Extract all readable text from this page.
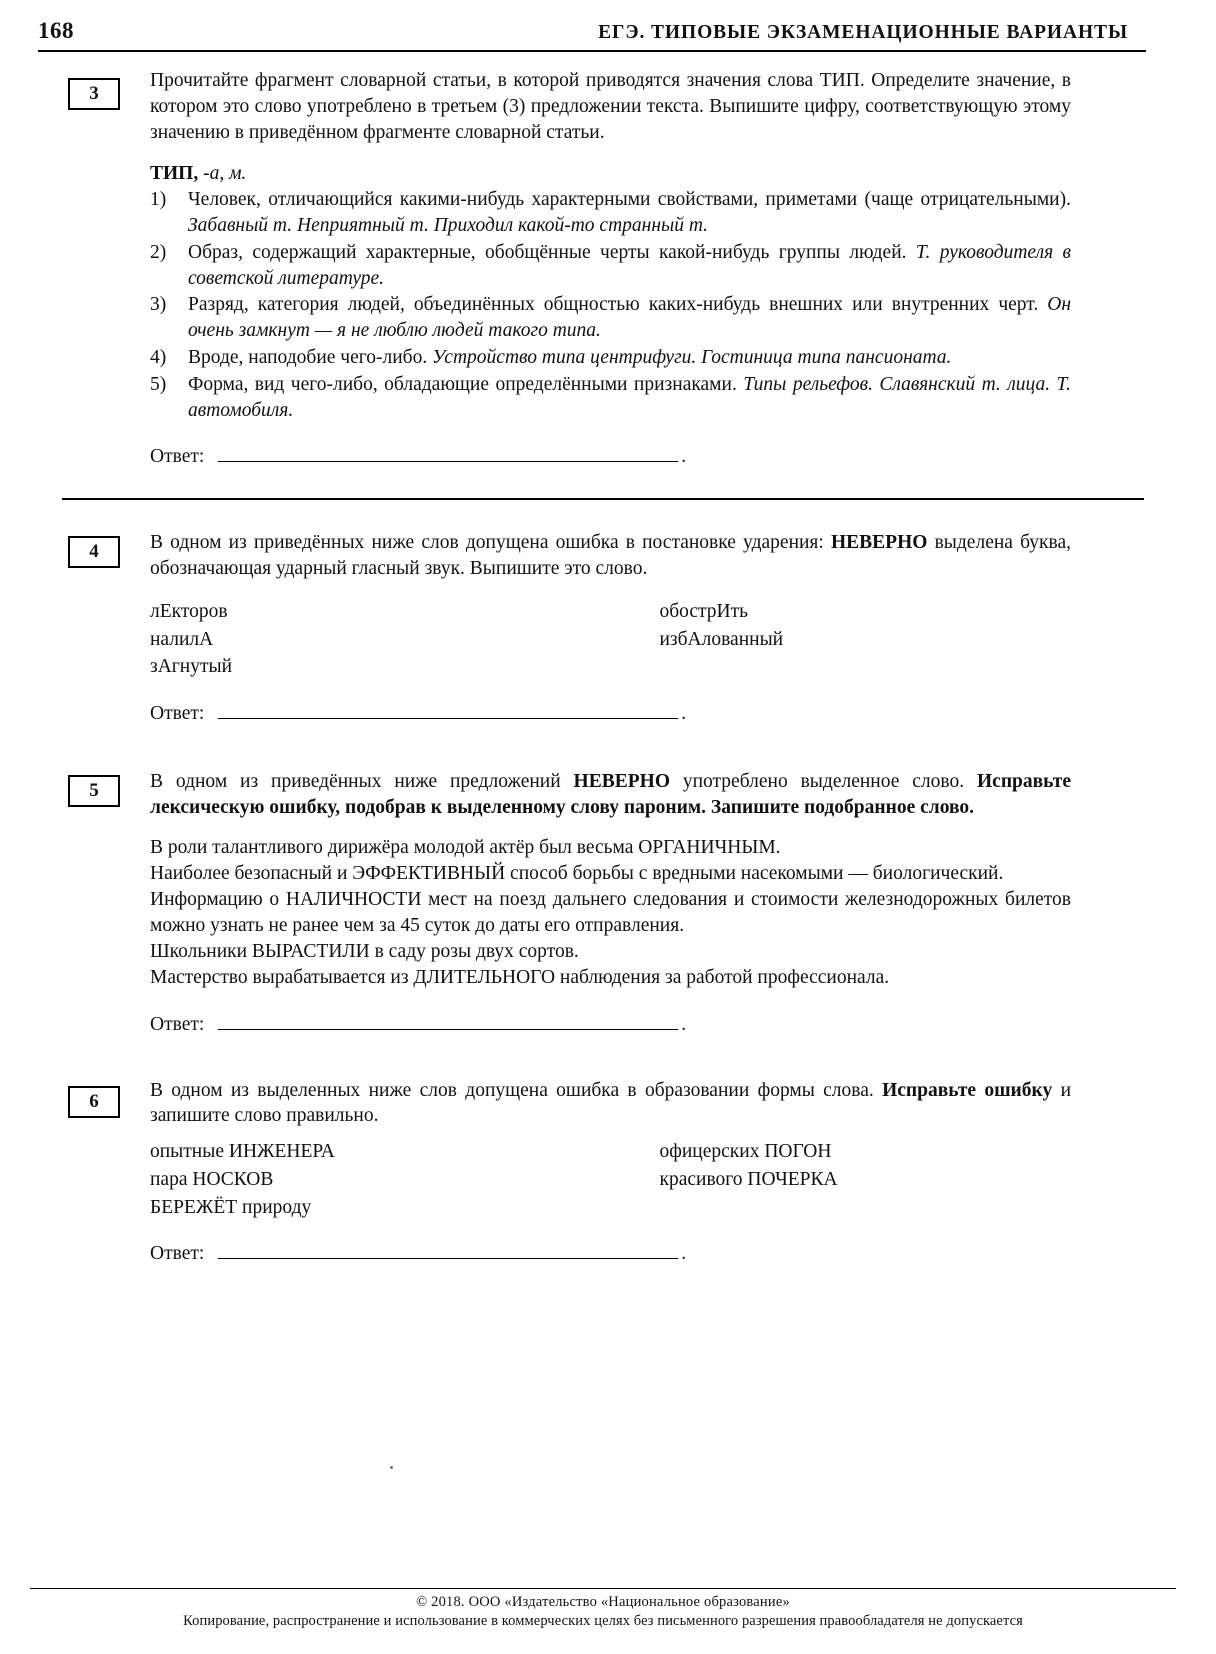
168	ЕГЭ. ТИПОВЫЕ ЭКЗАМЕНАЦИОННЫЕ ВАРИАНТЫ
3

Прочитайте фрагмент словарной статьи, в которой приводятся значения слова ТИП. Определите значение, в котором это слово употреблено в третьем (3) предложении текста. Выпишите цифру, соответствующую этому значению в приведённом фрагменте словарной статьи.

ТИП, -а, м.
1) Человек, отличающийся какими-нибудь характерными свойствами, приметами (чаще отрицательными). Забавный т. Неприятный т. Приходил какой-то странный т.
2) Образ, содержащий характерные, обобщённые черты какой-нибудь группы людей. Т. руководителя в советской литературе.
3) Разряд, категория людей, объединённых общностью каких-нибудь внешних или внутренних черт. Он очень замкнут — я не люблю людей такого типа.
4) Вроде, наподобие чего-либо. Устройство типа центрифуги. Гостиница типа пансионата.
5) Форма, вид чего-либо, обладающие определёнными признаками. Типы рельефов. Славянский т. лица. Т. автомобиля.
Ответ:	.
4	В одном из приведённых ниже слов допущена ошибка в постановке ударения: НЕВЕРНО выделена буква, обозначающая ударный гласный звук. Выпишите это слово.

лЕкторов
налилА
зАгнутый
обострИть
избАлованный
Ответ:	.
5	В одном из приведённых ниже предложений НЕВЕРНО употреблено выделенное слово. Исправьте лексическую ошибку, подобрав к выделенному слову пароним. Запишите подобранное слово.

В роли талантливого дирижёра молодой актёр был весьма ОРГАНИЧНЫМ.

Наиболее безопасный и ЭФФЕКТИВНЫЙ способ борьбы с вредными насекомыми — биологический.

Информацию о НАЛИЧНОСТИ мест на поезд дальнего следования и стоимости железнодорожных билетов можно узнать не ранее чем за 45 суток до даты его отправления.

Школьники ВЫРАСТИЛИ в саду розы двух сортов.

Мастерство вырабатывается из ДЛИТЕЛЬНОГО наблюдения за работой профессионала.

Ответ:	.
6

В одном из выделенных ниже слов допущена ошибка в образовании формы слова. Исправьте ошибку и запишите слово правильно.

опытные ИНЖЕНЕРА
пара НОСКОВ
БЕРЕЖЁТ природу
офицерских ПОГОН
красивого ПОЧЕРКА
Ответ:	.
© 2018. ООО «Издательство «Национальное образование»
Копирование, распространение и использование в коммерческих целях без письменного разрешения правообладателя не допускается
